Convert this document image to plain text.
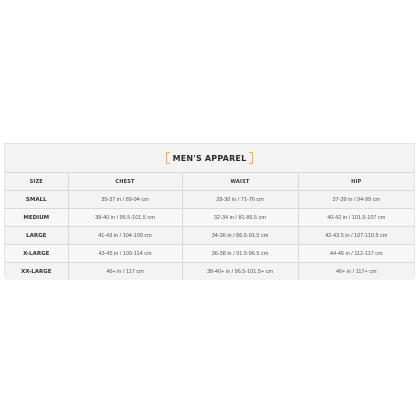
MEN'S APPAREL
SIZE	CHEST	WAIST	HIP
SMALL	35-37 in / 89-94 cm	28-30 in / 71-76 cm	37-39 in / 94-99 cm
MEDIUM	38-40 in / 96.5-101.5 cm	32-34 in / 81-86.5 cm	40-42 in / 101.5-107 cm
LARGE	41-43 in / 104-109 cm	34-36 in / 86.5-91.5 cm	42-43.5 in / 107-110.5 cm
X-LARGE	43-45 in / 109-114 cm	36-38 in / 91.5-96.5 cm	44-46 in / 112-117 cm
XX-LARGE	46+ in / 117 cm	38-40+ in / 96.5-101.5+ cm	46+ in / 117+ cm
